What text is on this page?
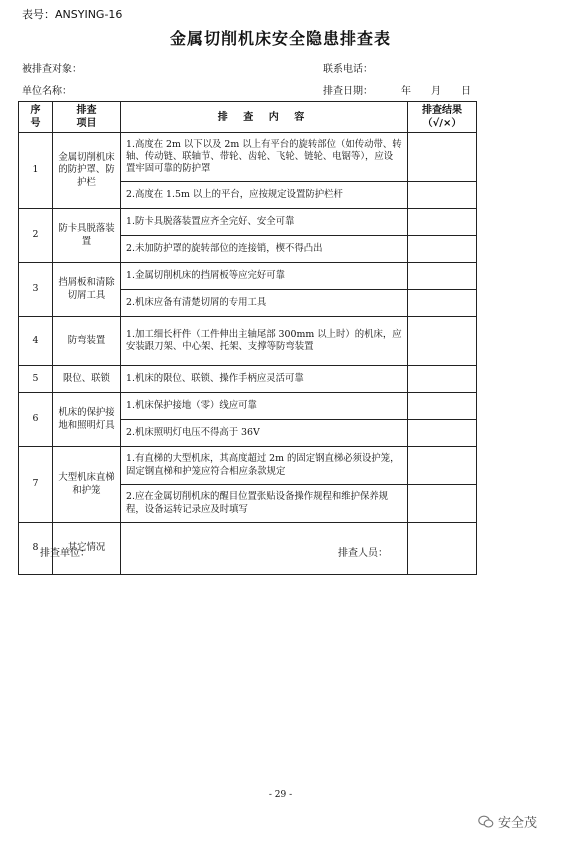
表号：ANSYING-16
金属切削机床安全隐患排查表
被排查对象：	联系电话：
单位名称：	排查日期：	年 月 日
序
号	排查
项目	排 查 内 容	排查结果
（√/×）
1	金属切削机床的防护罩、防护栏	1.高度在 2m 以下以及 2m 以上有平台的旋转部位（如传动带、转轴、传动链、联轴节、带轮、齿轮、飞轮、链轮、电锯等），应设置牢固可靠的防护罩	
		2.高度在 1.5m 以上的平台，应按规定设置防护栏杆	
2	防卡具脱落装置	1.防卡具脱落装置应齐全完好、安全可靠	
		2.未加防护罩的旋转部位的连接销，楔不得凸出	
3	挡屑板和清除切屑工具	1.金属切削机床的挡屑板等应完好可靠	
		2.机床应备有清楚切屑的专用工具	
4	防弯装置	1.加工细长杆件（工件伸出主轴尾部 300mm 以上时）的机床，应安装跟刀架、中心架、托架、支撑等防弯装置	
5	限位、联锁	1.机床的限位、联锁、操作手柄应灵活可靠	
6	机床的保护接地和照明灯具	1.机床保护接地（零）线应可靠	
		2.机床照明灯电压不得高于 36V	
7	大型机床直梯和护笼	1.有直梯的大型机床，其高度超过 2m 的固定钢直梯必须设护笼，固定钢直梯和护笼应符合相应条款规定	
		2.应在金属切削机床的醒目位置张贴设备操作规程和维护保养规程，设备运转记录应及时填写	
8	其它情况		
排查单位：	排查人员：
- 29 -
安全茂
